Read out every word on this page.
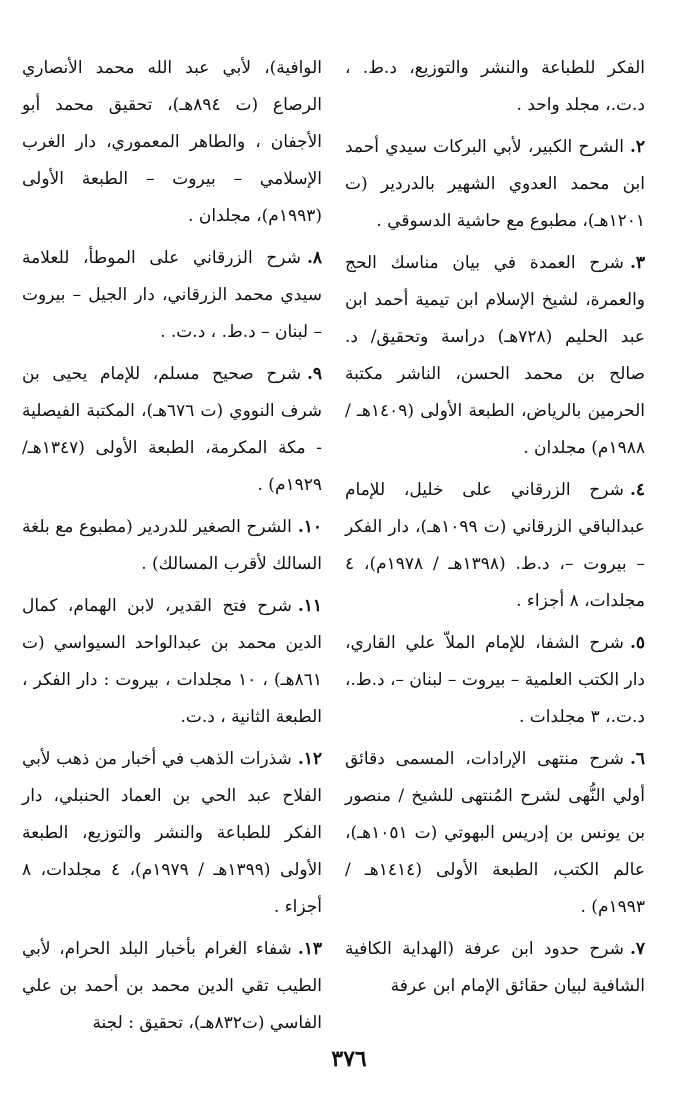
الفكر للطباعة والنشر والتوزيع، د.ط. ، د.ت.، مجلد واحد .

٢.الشرح الكبير، لأبي البركات سيدي أحمد ابن محمد العدوي الشهير بالدردير (ت ١٢٠١هـ)، مطبوع مع حاشية الدسوقي .

٣.شرح العمدة في بيان مناسك الحج والعمرة، لشيخ الإسلام ابن تيمية أحمد ابن عبد الحليم (٧٢٨هـ) دراسة وتحقيق/ د. صالح بن محمد الحسن، الناشر مكتبة الحرمين بالرياض، الطبعة الأولى (١٤٠٩هـ / ١٩٨٨م) مجلدان .

٤.شرح الزرقاني على خليل، للإمام عبدالباقي الزرقاني (ت ١٠٩٩هـ)، دار الفكر – بيروت –، د.ط. (١٣٩٨هـ / ١٩٧٨م)، ٤ مجلدات، ٨ أجزاء .

٥.شرح الشفا، للإمام الملاّ علي القاري، دار الكتب العلمية – بيروت – لبنان –، د.ط.، د.ت.، ٣ مجلدات .

٦.شرح منتهى الإرادات، المسمى دقائق أولي النُّهى لشرح المُنتهى للشيخ / منصور بن يونس بن إدريس البهوتي (ت ١٠٥١هـ)، عالم الكتب، الطبعة الأولى (١٤١٤هـ / ١٩٩٣م) .

٧.شرح حدود ابن عرفة (الهداية الكافية الشافية لبيان حقائق الإمام ابن عرفة

الوافية)، لأبي عبد الله محمد الأنصاري الرصاع (ت ٨٩٤هـ)، تحقيق محمد أبو الأجفان ، والطاهر المعموري، دار الغرب الإسلامي – بيروت – الطبعة الأولى (١٩٩٣م)، مجلدان .

٨.شرح الزرقاني على الموطأ، للعلامة سيدي محمد الزرقاني، دار الجيل – بيروت – لبنان – د.ط. ، د.ت. .

٩.شرح صحيح مسلم، للإمام يحيى بن شرف النووي (ت ٦٧٦هـ)، المكتبة الفيصلية - مكة المكرمة، الطبعة الأولى (١٣٤٧هـ/ ١٩٢٩م) .

١٠.الشرح الصغير للدردير (مطبوع مع بلغة السالك لأقرب المسالك) .

١١.شرح فتح القدير، لابن الهمام، كمال الدين محمد بن عبدالواحد السيواسي (ت ٨٦١هـ) ، ١٠ مجلدات ، بيروت : دار الفكر ، الطبعة الثانية ، د.ت.

١٢.شذرات الذهب في أخبار من ذهب لأبي الفلاح عبد الحي بن العماد الحنبلي، دار الفكر للطباعة والنشر والتوزيع، الطبعة الأولى (١٣٩٩هـ / ١٩٧٩م)، ٤ مجلدات، ٨ أجزاء .

١٣.شفاء الغرام بأخبار البلد الحرام، لأبي الطيب تقي الدين محمد بن أحمد بن علي الفاسي (ت٨٣٢هـ)، تحقيق : لجنة

٣٧٦
